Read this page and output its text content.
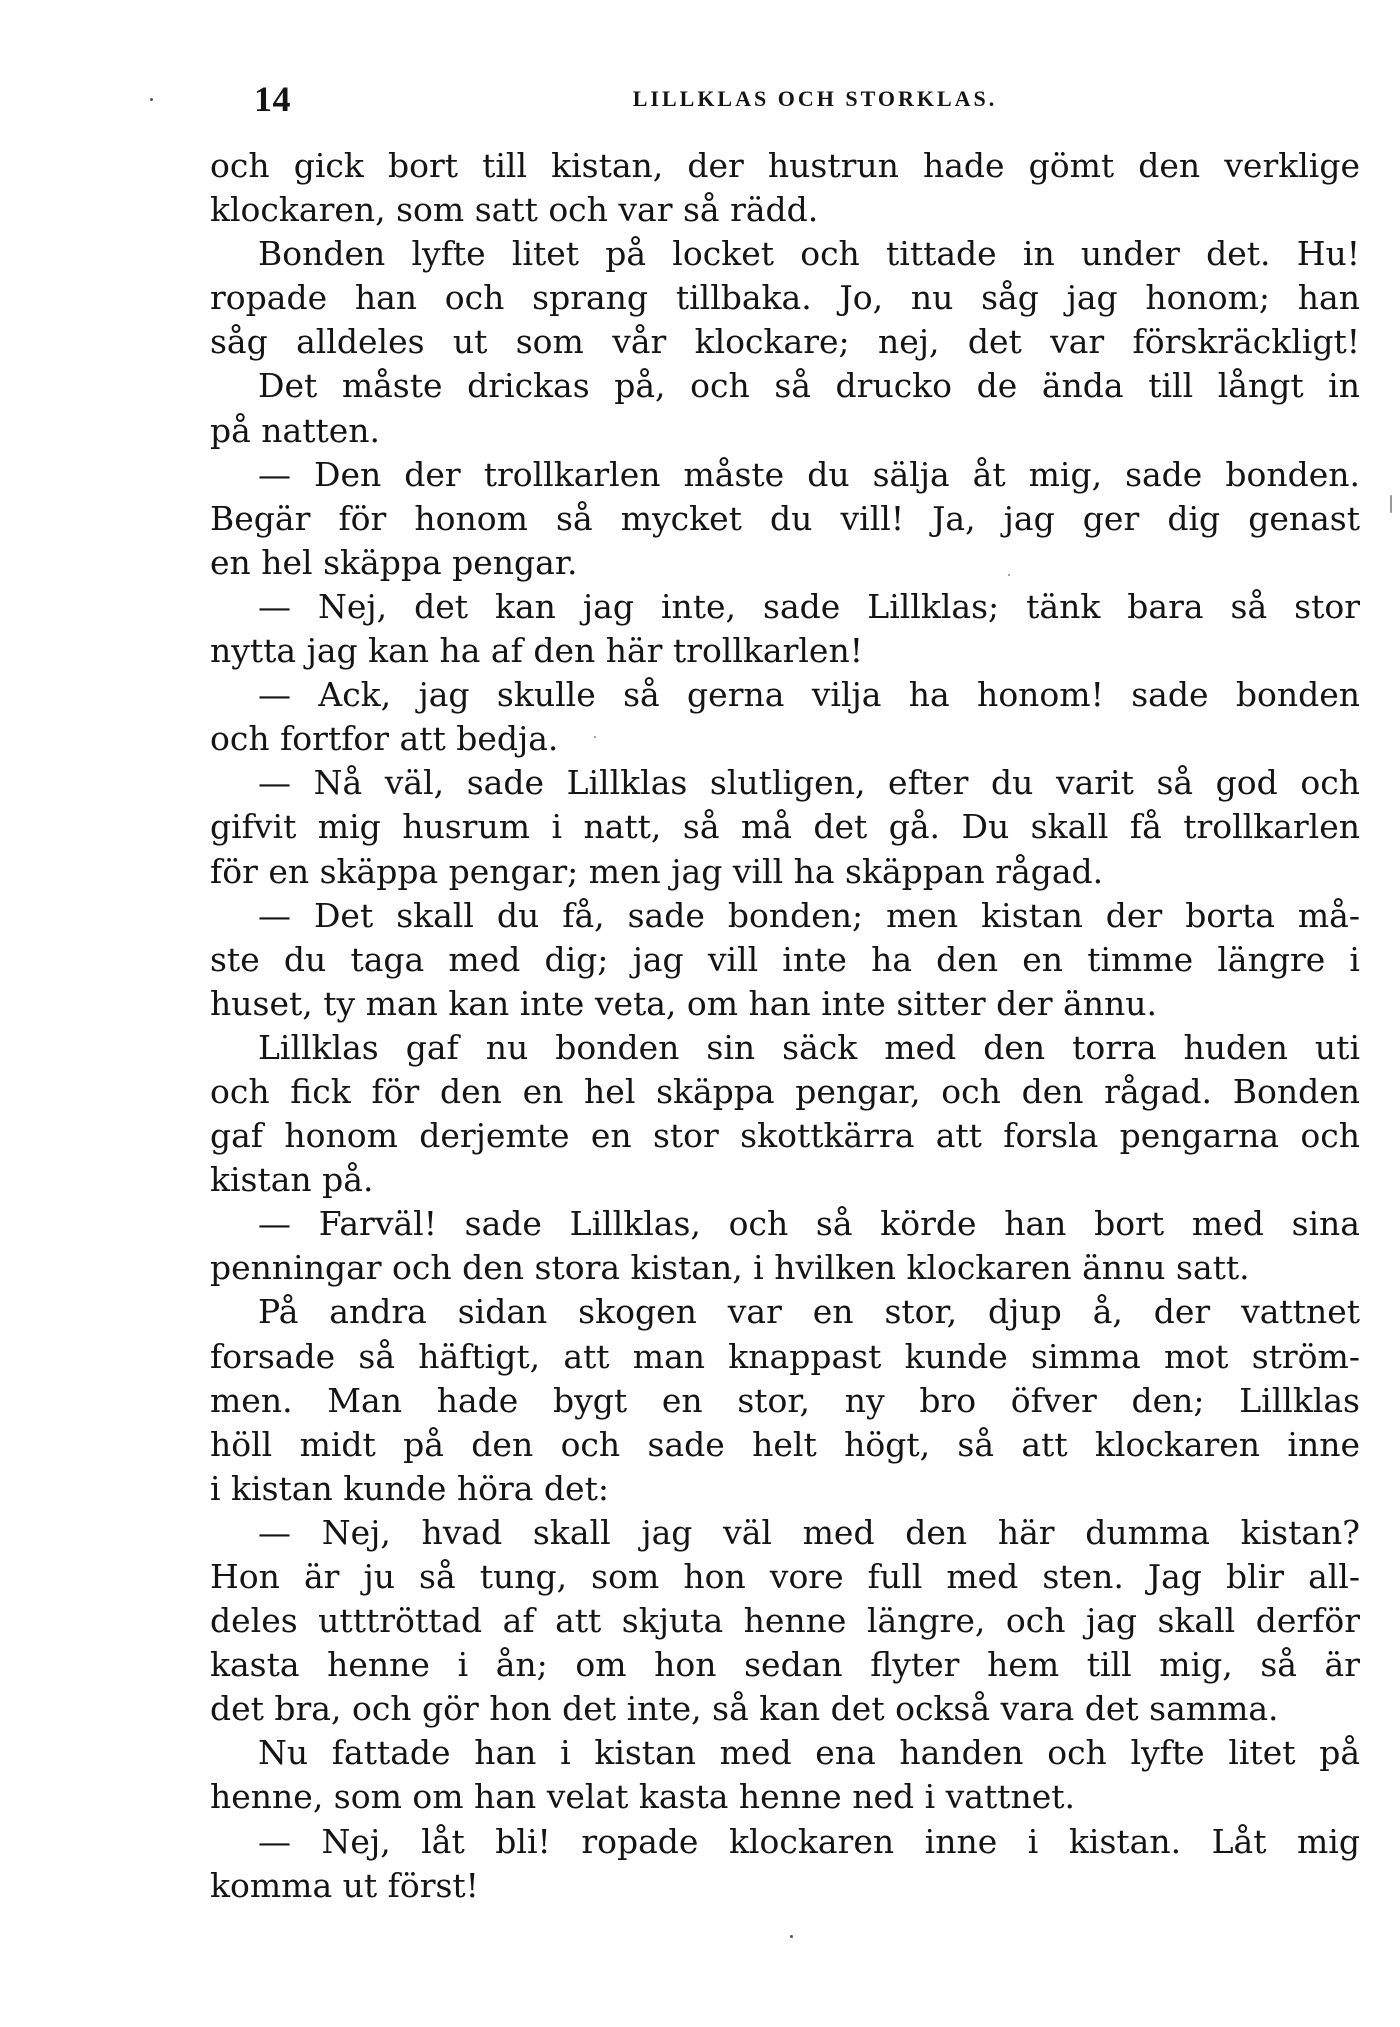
14	LILLKLAS OCH STORKLAS.
och gick bort till kistan, der hustrun hade gömt den verklige
klockaren, som satt och var så rädd.
Bonden lyfte litet på locket och tittade in under det. Hu!
ropade han och sprang tillbaka. Jo, nu såg jag honom; han
såg alldeles ut som vår klockare; nej, det var förskräckligt!
Det måste drickas på, och så drucko de ända till långt in
på natten.
— Den der trollkarlen måste du sälja åt mig, sade bonden.
Begär för honom så mycket du vill! Ja, jag ger dig genast
en hel skäppa pengar.
— Nej, det kan jag inte, sade Lillklas; tänk bara så stor
nytta jag kan ha af den här trollkarlen!
— Ack, jag skulle så gerna vilja ha honom! sade bonden
och fortfor att bedja.
— Nå väl, sade Lillklas slutligen, efter du varit så god och
gifvit mig husrum i natt, så må det gå. Du skall få trollkarlen
för en skäppa pengar; men jag vill ha skäppan rågad.
— Det skall du få, sade bonden; men kistan der borta må-
ste du taga med dig; jag vill inte ha den en timme längre i
huset, ty man kan inte veta, om han inte sitter der ännu.
Lillklas gaf nu bonden sin säck med den torra huden uti
och fick för den en hel skäppa pengar, och den rågad. Bonden
gaf honom derjemte en stor skottkärra att forsla pengarna och
kistan på.
— Farväl! sade Lillklas, och så körde han bort med sina
penningar och den stora kistan, i hvilken klockaren ännu satt.
På andra sidan skogen var en stor, djup å, der vattnet
forsade så häftigt, att man knappast kunde simma mot ström-
men. Man hade bygt en stor, ny bro öfver den; Lillklas
höll midt på den och sade helt högt, så att klockaren inne
i kistan kunde höra det:
— Nej, hvad skall jag väl med den här dumma kistan?
Hon är ju så tung, som hon vore full med sten. Jag blir all-
deles utttröttad af att skjuta henne längre, och jag skall derför
kasta henne i ån; om hon sedan flyter hem till mig, så är
det bra, och gör hon det inte, så kan det också vara det samma.
Nu fattade han i kistan med ena handen och lyfte litet på
henne, som om han velat kasta henne ned i vattnet.
— Nej, låt bli! ropade klockaren inne i kistan. Låt mig
komma ut först!
